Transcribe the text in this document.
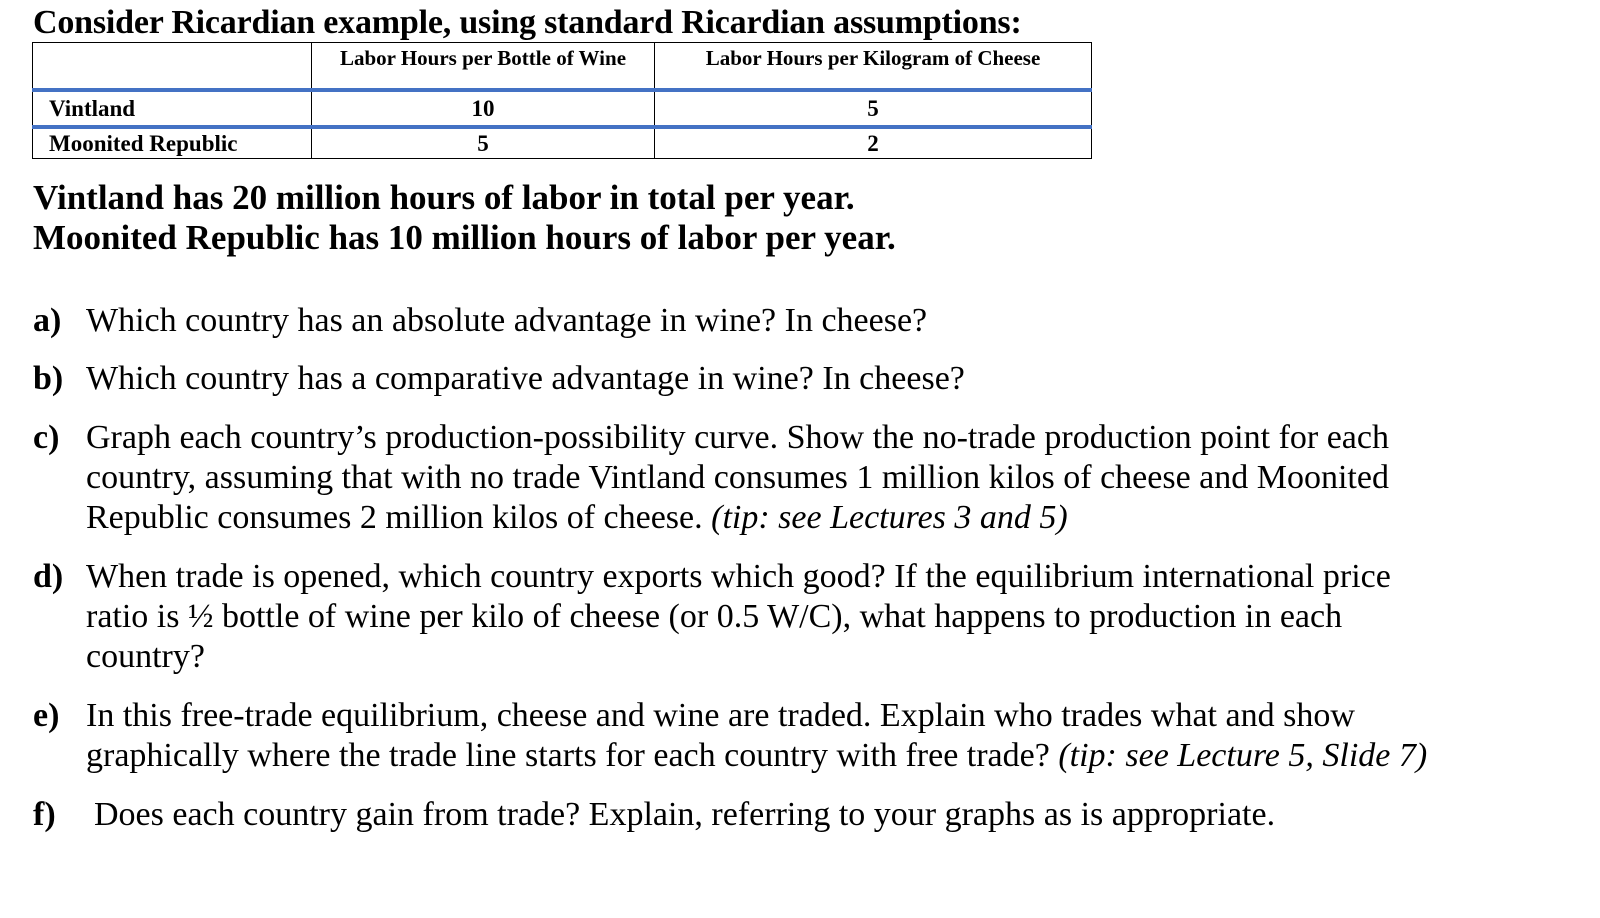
Consider Ricardian example, using standard Ricardian assumptions:
	Labor Hours per Bottle of Wine	Labor Hours per Kilogram of Cheese
Vintland	10	5
Moonited Republic	5	2
Vintland has 20 million hours of labor in total per year.
Moonited Republic has 10 million hours of labor per year.
a) Which country has an absolute advantage in wine? In cheese?
b) Which country has a comparative advantage in wine? In cheese?
c) Graph each country’s production-possibility curve. Show the no-trade production point for each
country, assuming that with no trade Vintland consumes 1 million kilos of cheese and Moonited
Republic consumes 2 million kilos of cheese. (tip: see Lectures 3 and 5)
d) When trade is opened, which country exports which good? If the equilibrium international price
ratio is ½ bottle of wine per kilo of cheese (or 0.5 W/C), what happens to production in each
country?
e) In this free-trade equilibrium, cheese and wine are traded. Explain who trades what and show
graphically where the trade line starts for each country with free trade? (tip: see Lecture 5, Slide 7)
f) Does each country gain from trade? Explain, referring to your graphs as is appropriate.
